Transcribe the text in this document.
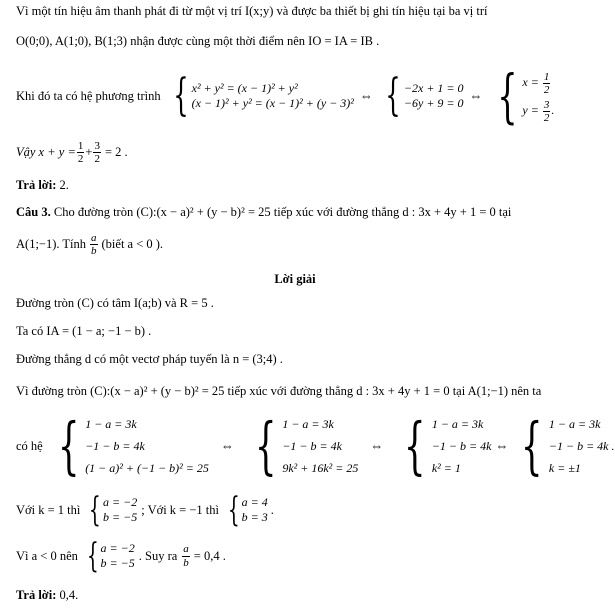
Vì một tín hiệu âm thanh phát đi từ một vị trí I(x;y) và được ba thiết bị ghi tín hiệu tại ba vị trí
O(0;0), A(1;0), B(1;3) nhận được cùng một thời điểm nên IO = IA = IB .
Khi đó ta có hệ phương trình { x² + y² = (x − 1)² + y²
(x − 1)² + y² = (x − 1)² + (y − 3)² ⇔ { −2x + 1 = 0
−6y + 9 = 0 ⇔ { $x = \frac{1}{2}$
$y = \frac{3}{2}$ .
Vậy $x + y = \frac{1}{2} + \frac{3}{2} = 2$ .
Trả lời: 2.
Câu 3. Cho đường tròn (C):(x − a)² + (y − b)² = 25 tiếp xúc với đường thẳng d : 3x + 4y + 1 = 0 tại
A(1;−1). Tính $\frac{a}{b}$ (biết a < 0 ).
Lời giải
Đường tròn (C) có tâm I(a;b) và R = 5 .
Ta có IA = (1 − a; −1 − b) .
Đường thẳng d có một vectơ pháp tuyến là n = (3;4) .
Vì đường tròn (C):(x − a)² + (y − b)² = 25 tiếp xúc với đường thẳng d : 3x + 4y + 1 = 0 tại A(1;−1) nên ta
có hệ { 1 − a = 3k
−1 − b = 4k
(1 − a)² + (−1 − b)² = 25
⇔ { 1 − a = 3k
−1 − b = 4k
9k² + 16k² = 25
⇔ { 1 − a = 3k
−1 − b = 4k
k² = 1
⇔ { 1 − a = 3k
−1 − b = 4k .
k = ±1
Với k = 1 thì { a = −2
b = −5
; Với k = −1 thì { a = 4
b = 3
.
Vì a < 0 nên { a = −2
b = −5
. Suy ra $\frac{a}{b} = 0,4$ .
Trả lời: 0,4.
